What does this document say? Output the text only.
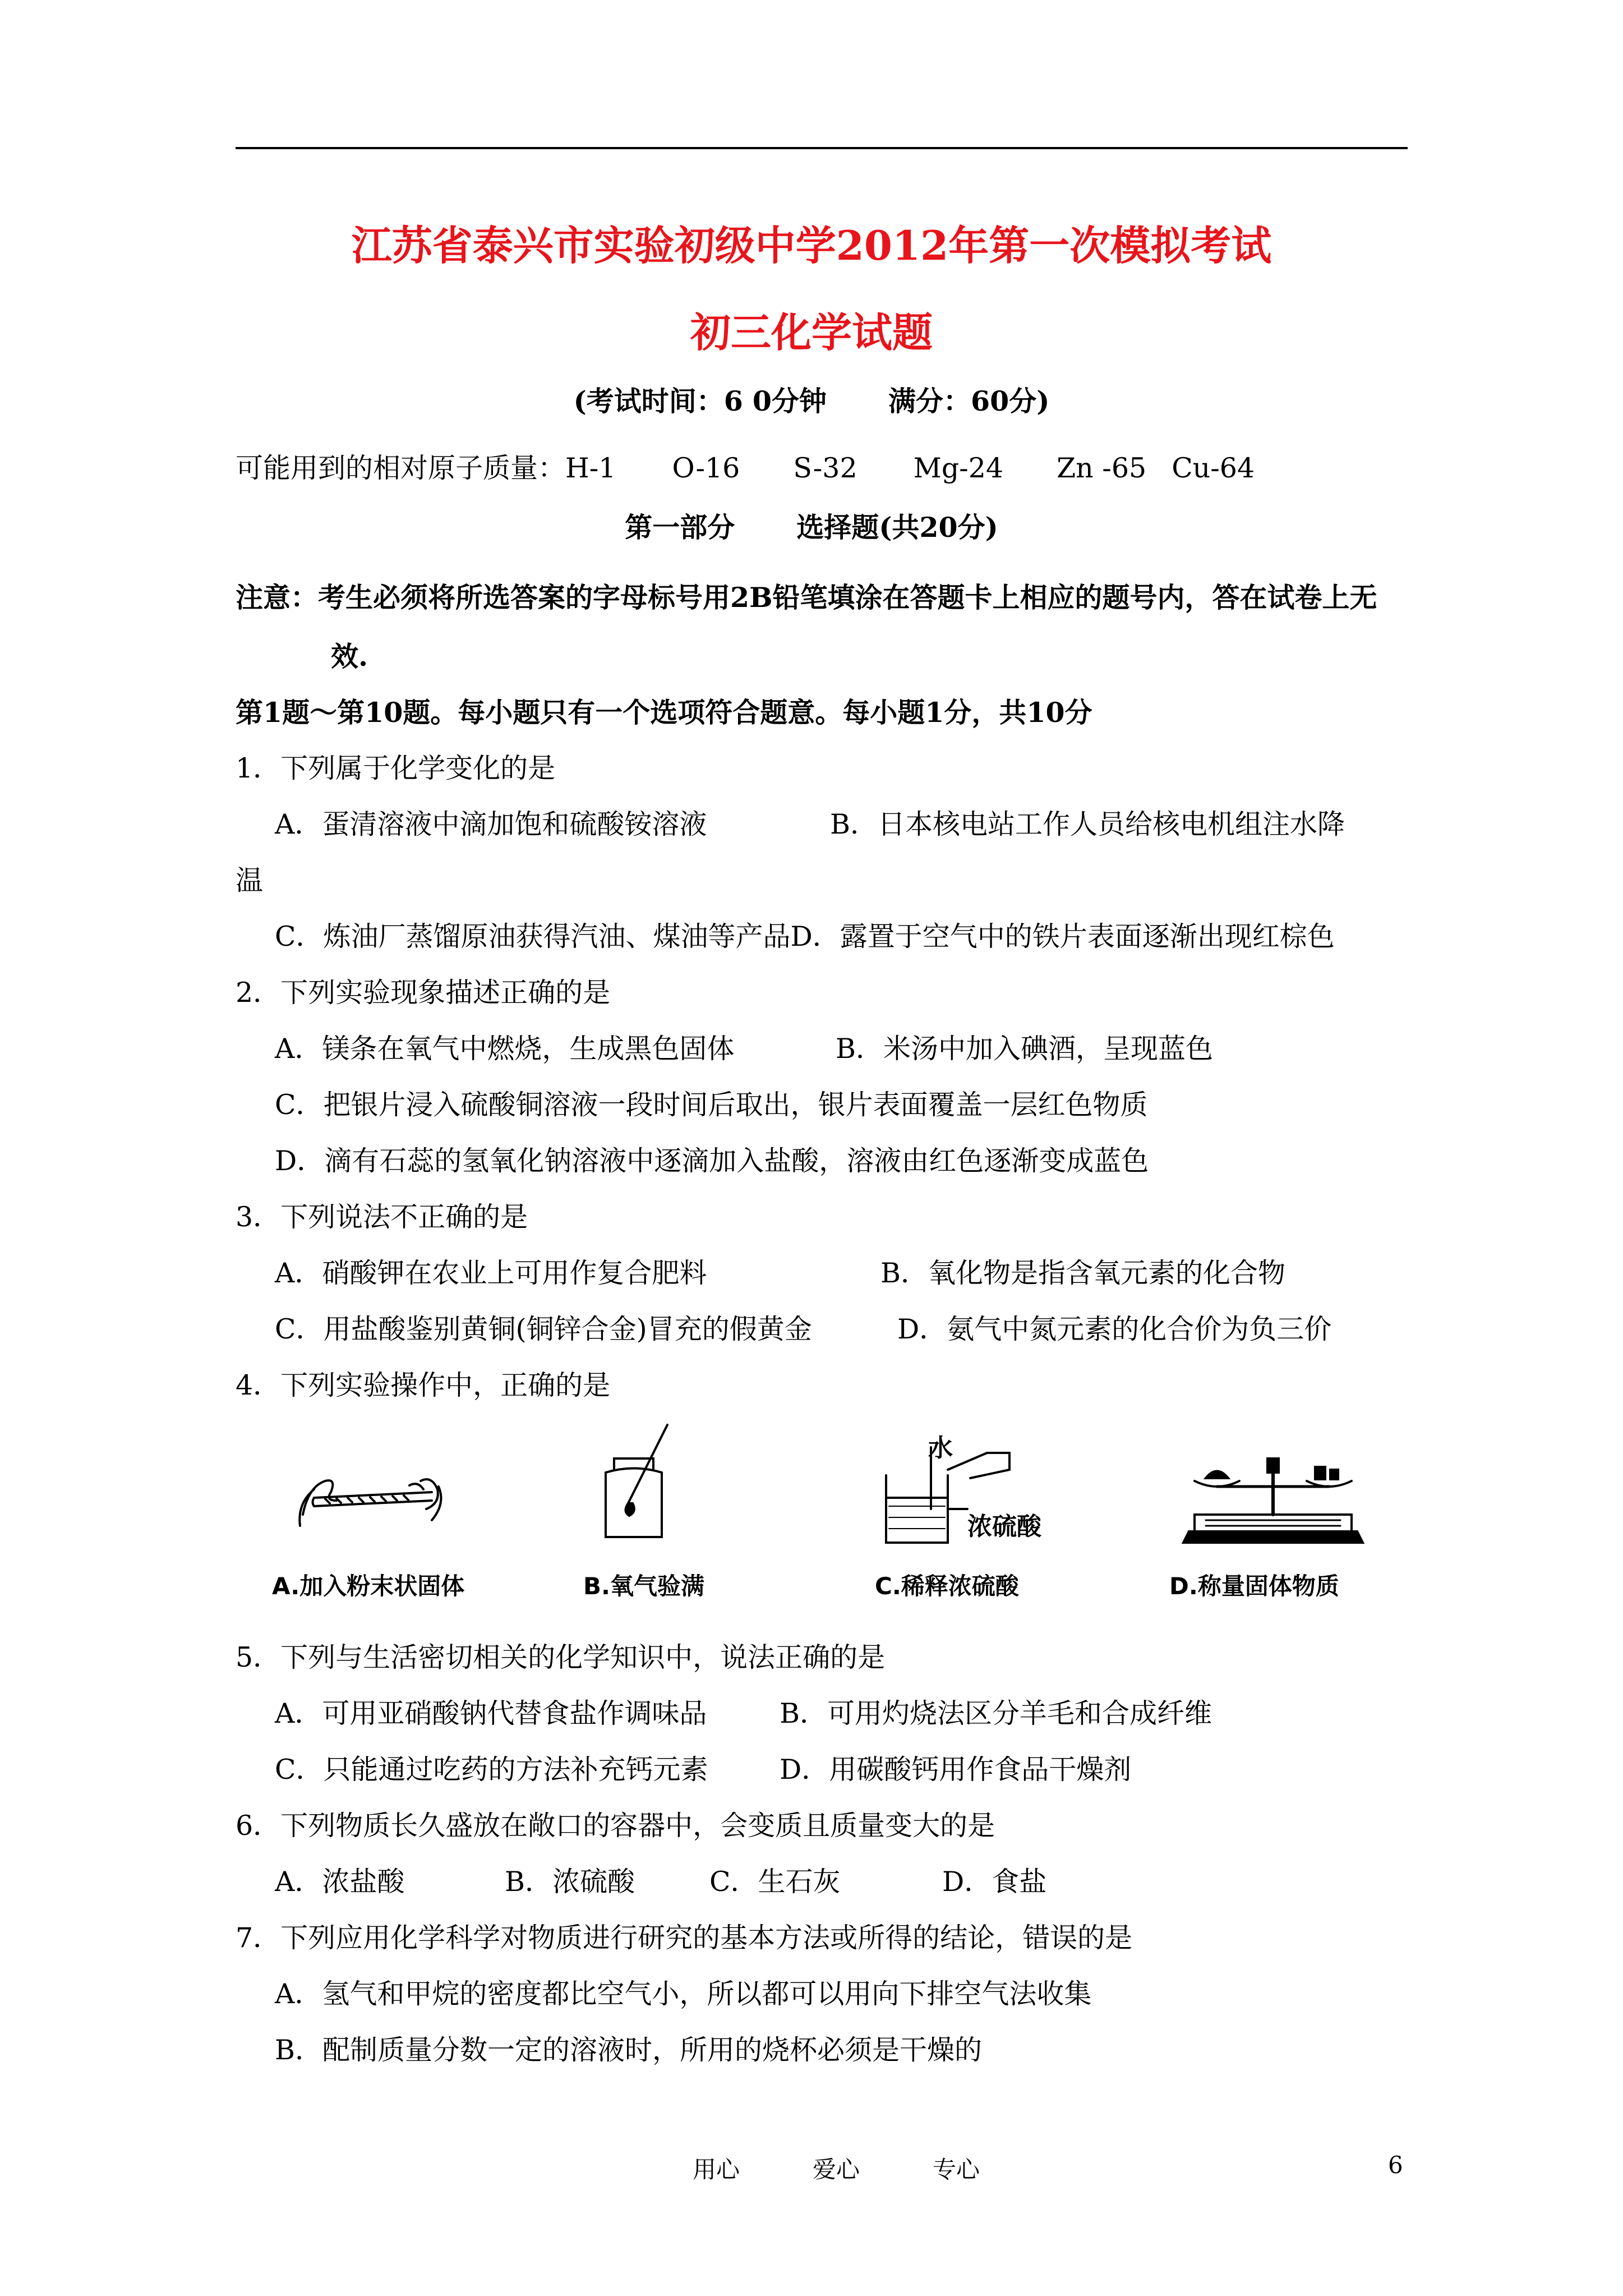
江苏省泰兴市实验初级中学2012年第一次模拟考试
初三化学试题
(考试时间：6 0分钟 满分：60分)
可能用到的相对原子质量：H-1 O-16 S-32 Mg-24 Zn -65 Cu-64
第一部分 选择题(共20分)
注意：考生必须将所选答案的字母标号用2B铅笔填涂在答题卡上相应的题号内，答在试卷上无
效.
第1题～第10题。每小题只有一个选项符合题意。每小题1分，共10分
1．下列属于化学变化的是
A．蛋清溶液中滴加饱和硫酸铵溶液	B．日本核电站工作人员给核电机组注水降
温
C．炼油厂蒸馏原油获得汽油、煤油等产品D．露置于空气中的铁片表面逐渐出现红棕色
2．下列实验现象描述正确的是
A．镁条在氧气中燃烧，生成黑色固体	B．米汤中加入碘酒，呈现蓝色
C．把银片浸入硫酸铜溶液一段时间后取出，银片表面覆盖一层红色物质
D．滴有石蕊的氢氧化钠溶液中逐滴加入盐酸，溶液由红色逐渐变成蓝色
3．下列说法不正确的是
A．硝酸钾在农业上可用作复合肥料	B．氧化物是指含氧元素的化合物
C．用盐酸鉴别黄铜(铜锌合金)冒充的假黄金	D．氨气中氮元素的化合价为负三价
4．下列实验操作中，正确的是
A.加入粉末状固体	B.氧气验满
水
浓硫酸
C.稀释浓硫酸	D.称量固体物质
5．下列与生活密切相关的化学知识中，说法正确的是
A．可用亚硝酸钠代替食盐作调味品	B．可用灼烧法区分羊毛和合成纤维
C．只能通过吃药的方法补充钙元素	D．用碳酸钙用作食品干燥剂
6．下列物质长久盛放在敞口的容器中，会变质且质量变大的是
A．浓盐酸	B．浓硫酸	C．生石灰	D．食盐
7．下列应用化学科学对物质进行研究的基本方法或所得的结论，错误的是
A．氢气和甲烷的密度都比空气小，所以都可以用向下排空气法收集
B．配制质量分数一定的溶液时，所用的烧杯必须是干燥的
用心	爱心	专心	6
